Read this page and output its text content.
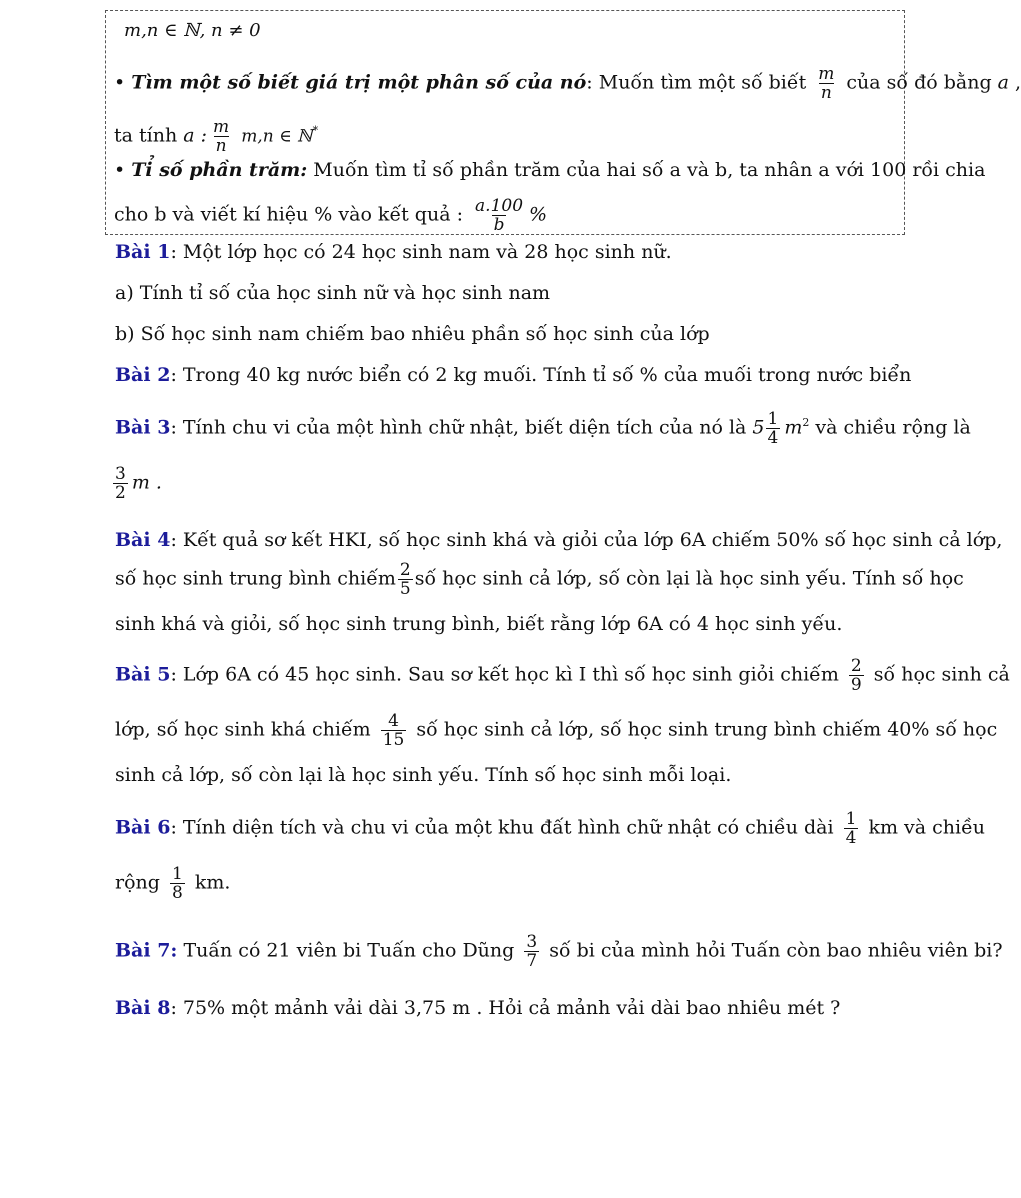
m,n ∈ ℕ, n ≠ 0
• Tìm một số biết giá trị một phân số của nó: Muốn tìm một số biết $\frac{m}{n}$ của số đó bằng a ,
ta tính a : $\frac{m}{n} m,n$ ∈ ℕ*
• Tỉ số phần trăm: Muốn tìm tỉ số phần trăm của hai số a và b, ta nhân a với 100 rồi chia
cho b và viết kí hiệu % vào kết quả : $\frac{a.100}{b}$ %
Bài 1: Một lớp học có 24 học sinh nam và 28 học sinh nữ.
a) Tính tỉ số của học sinh nữ và học sinh nam
b) Số học sinh nam chiếm bao nhiêu phần số học sinh của lớp
Bài 2: Trong 40 kg nước biển có 2 kg muối. Tính tỉ số % của muối trong nước biển
Bài 3: Tính chu vi của một hình chữ nhật, biết diện tích của nó là $5 \frac{1}{4} m^2$ và chiều rộng là
$\frac{3}{2}$ m .
Bài 4: Kết quả sơ kết HKI, số học sinh khá và giỏi của lớp 6A chiếm 50% số học sinh cả lớp,
số học sinh trung bình chiếm $\frac{2}{5}$ số học sinh cả lớp, số còn lại là học sinh yếu. Tính số học
sinh khá và giỏi, số học sinh trung bình, biết rằng lớp 6A có 4 học sinh yếu.
Bài 5: Lớp 6A có 45 học sinh. Sau sơ kết học kì I thì số học sinh giỏi chiếm $\frac{2}{9}$ số học sinh cả
lớp, số học sinh khá chiếm $\frac{4}{15}$ số học sinh cả lớp, số học sinh trung bình chiếm 40% số học
sinh cả lớp, số còn lại là học sinh yếu. Tính số học sinh mỗi loại.
Bài 6: Tính diện tích và chu vi của một khu đất hình chữ nhật có chiều dài $\frac{1}{4}$ km và chiều
rộng $\frac{1}{8}$ km.
Bài 7: Tuấn có 21 viên bi Tuấn cho Dũng $\frac{3}{7}$ số bi của mình hỏi Tuấn còn bao nhiêu viên bi?
Bài 8: 75% một mảnh vải dài 3,75 m . Hỏi cả mảnh vải dài bao nhiêu mét ?
